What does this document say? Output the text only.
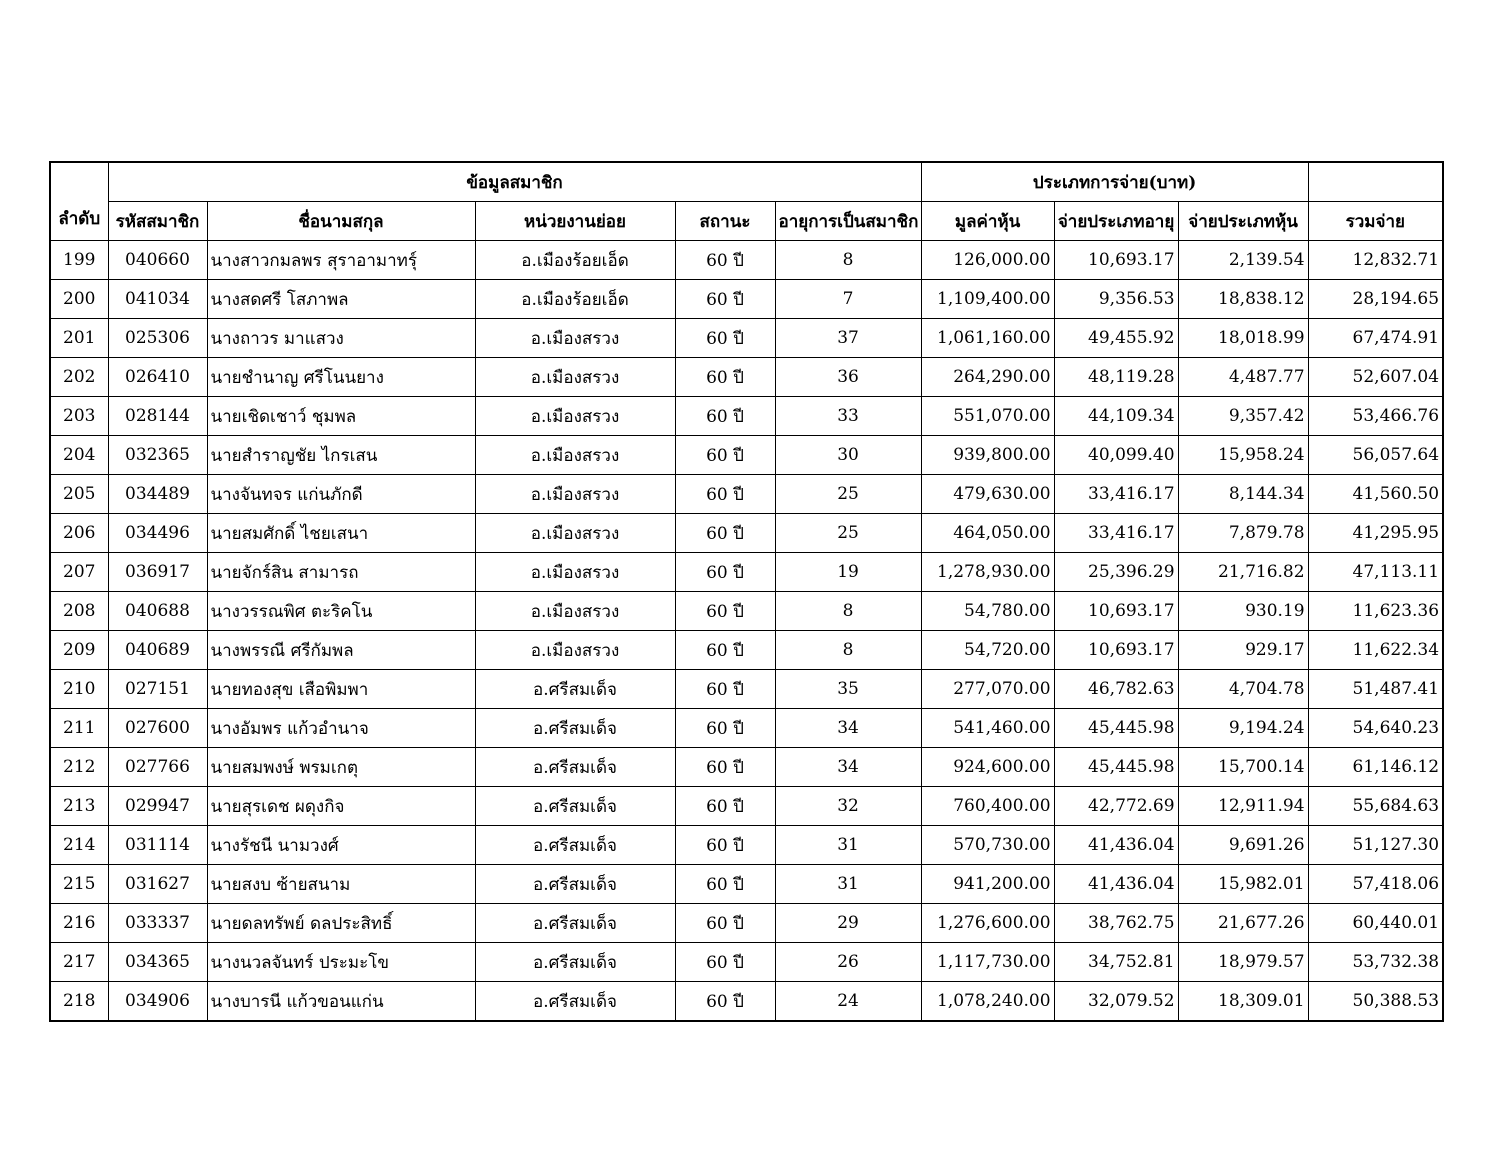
ลำดับ	ข้อมูลสมาชิก					ประเภทการจ่าย(บาท)			
	รหัสสมาชิก	ชื่อนามสกุล	หน่วยงานย่อย	สถานะ	อายุการเป็นสมาชิก	มูลค่าหุ้น	จ่ายประเภทอายุ	จ่ายประเภทหุ้น	รวมจ่าย
199	040660	นางสาวกมลพร สุราอามาทรุ์	อ.เมืองร้อยเอ็ด	60 ปี	8	126,000.00	10,693.17	2,139.54	12,832.71
200	041034	นางสดศรี โสภาพล	อ.เมืองร้อยเอ็ด	60 ปี	7	1,109,400.00	9,356.53	18,838.12	28,194.65
201	025306	นางถาวร มาแสวง	อ.เมืองสรวง	60 ปี	37	1,061,160.00	49,455.92	18,018.99	67,474.91
202	026410	นายชำนาญ ศรีโนนยาง	อ.เมืองสรวง	60 ปี	36	264,290.00	48,119.28	4,487.77	52,607.04
203	028144	นายเชิดเชาว์ ชุมพล	อ.เมืองสรวง	60 ปี	33	551,070.00	44,109.34	9,357.42	53,466.76
204	032365	นายสำราญชัย ไกรเสน	อ.เมืองสรวง	60 ปี	30	939,800.00	40,099.40	15,958.24	56,057.64
205	034489	นางจันทจร แก่นภักดี	อ.เมืองสรวง	60 ปี	25	479,630.00	33,416.17	8,144.34	41,560.50
206	034496	นายสมศักดิ์ ไชยเสนา	อ.เมืองสรวง	60 ปี	25	464,050.00	33,416.17	7,879.78	41,295.95
207	036917	นายจักร์สิน สามารถ	อ.เมืองสรวง	60 ปี	19	1,278,930.00	25,396.29	21,716.82	47,113.11
208	040688	นางวรรณพิศ ตะริคโน	อ.เมืองสรวง	60 ปี	8	54,780.00	10,693.17	930.19	11,623.36
209	040689	นางพรรณี ศรีกัมพล	อ.เมืองสรวง	60 ปี	8	54,720.00	10,693.17	929.17	11,622.34
210	027151	นายทองสุข เสือพิมพา	อ.ศรีสมเด็จ	60 ปี	35	277,070.00	46,782.63	4,704.78	51,487.41
211	027600	นางอัมพร แก้วอำนาจ	อ.ศรีสมเด็จ	60 ปี	34	541,460.00	45,445.98	9,194.24	54,640.23
212	027766	นายสมพงษ์ พรมเกตุ	อ.ศรีสมเด็จ	60 ปี	34	924,600.00	45,445.98	15,700.14	61,146.12
213	029947	นายสุรเดช ผดุงกิจ	อ.ศรีสมเด็จ	60 ปี	32	760,400.00	42,772.69	12,911.94	55,684.63
214	031114	นางรัชนี นามวงศ์	อ.ศรีสมเด็จ	60 ปี	31	570,730.00	41,436.04	9,691.26	51,127.30
215	031627	นายสงบ ซ้ายสนาม	อ.ศรีสมเด็จ	60 ปี	31	941,200.00	41,436.04	15,982.01	57,418.06
216	033337	นายดลทรัพย์ ดลประสิทธิ์	อ.ศรีสมเด็จ	60 ปี	29	1,276,600.00	38,762.75	21,677.26	60,440.01
217	034365	นางนวลจันทร์ ประมะโข	อ.ศรีสมเด็จ	60 ปี	26	1,117,730.00	34,752.81	18,979.57	53,732.38
218	034906	นางบารนี แก้วขอนแก่น	อ.ศรีสมเด็จ	60 ปี	24	1,078,240.00	32,079.52	18,309.01	50,388.53
